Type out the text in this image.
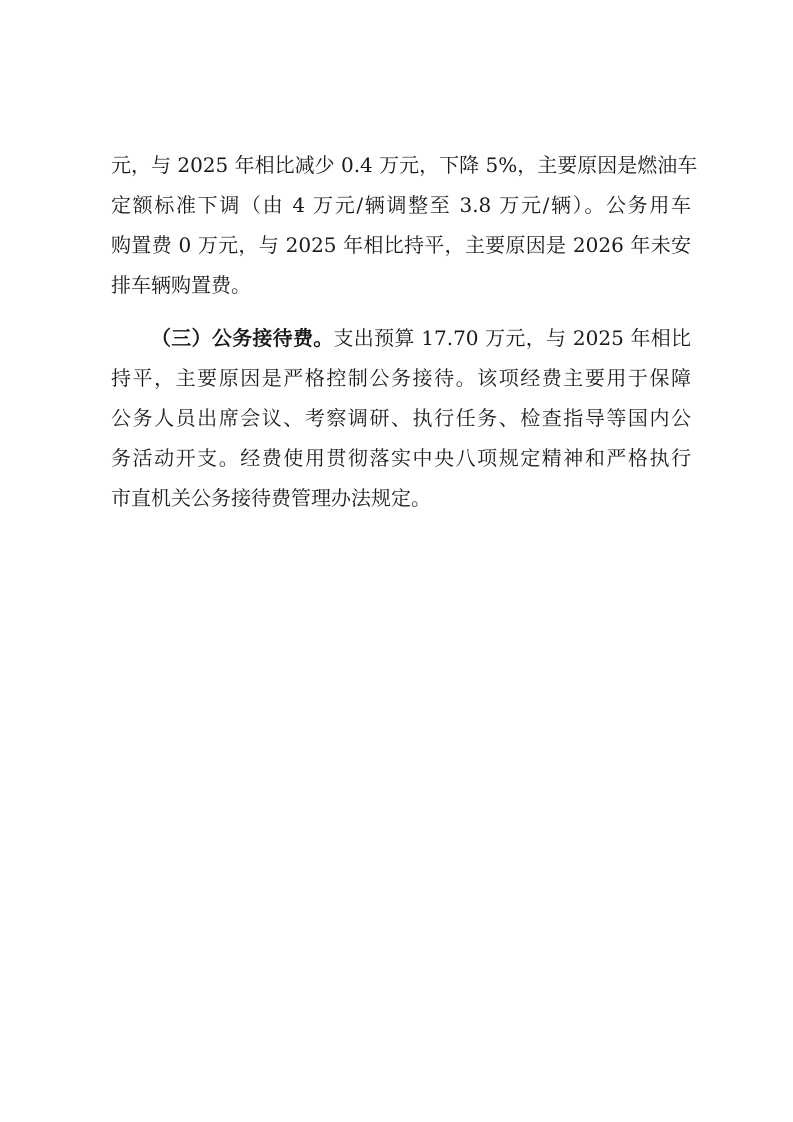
元，与 2025 年相比减少 0.4 万元，下降 5%，主要原因是燃油车
定额标准下调（由 4 万元/辆调整至 3.8 万元/辆）。公务用车
购置费 0 万元，与 2025 年相比持平，主要原因是 2026 年未安
排车辆购置费。
（三）公务接待费。支出预算 17.70 万元，与 2025 年相比
持平，主要原因是严格控制公务接待。该项经费主要用于保障
公务人员出席会议、考察调研、执行任务、检查指导等国内公
务活动开支。经费使用贯彻落实中央八项规定精神和严格执行
市直机关公务接待费管理办法规定。
